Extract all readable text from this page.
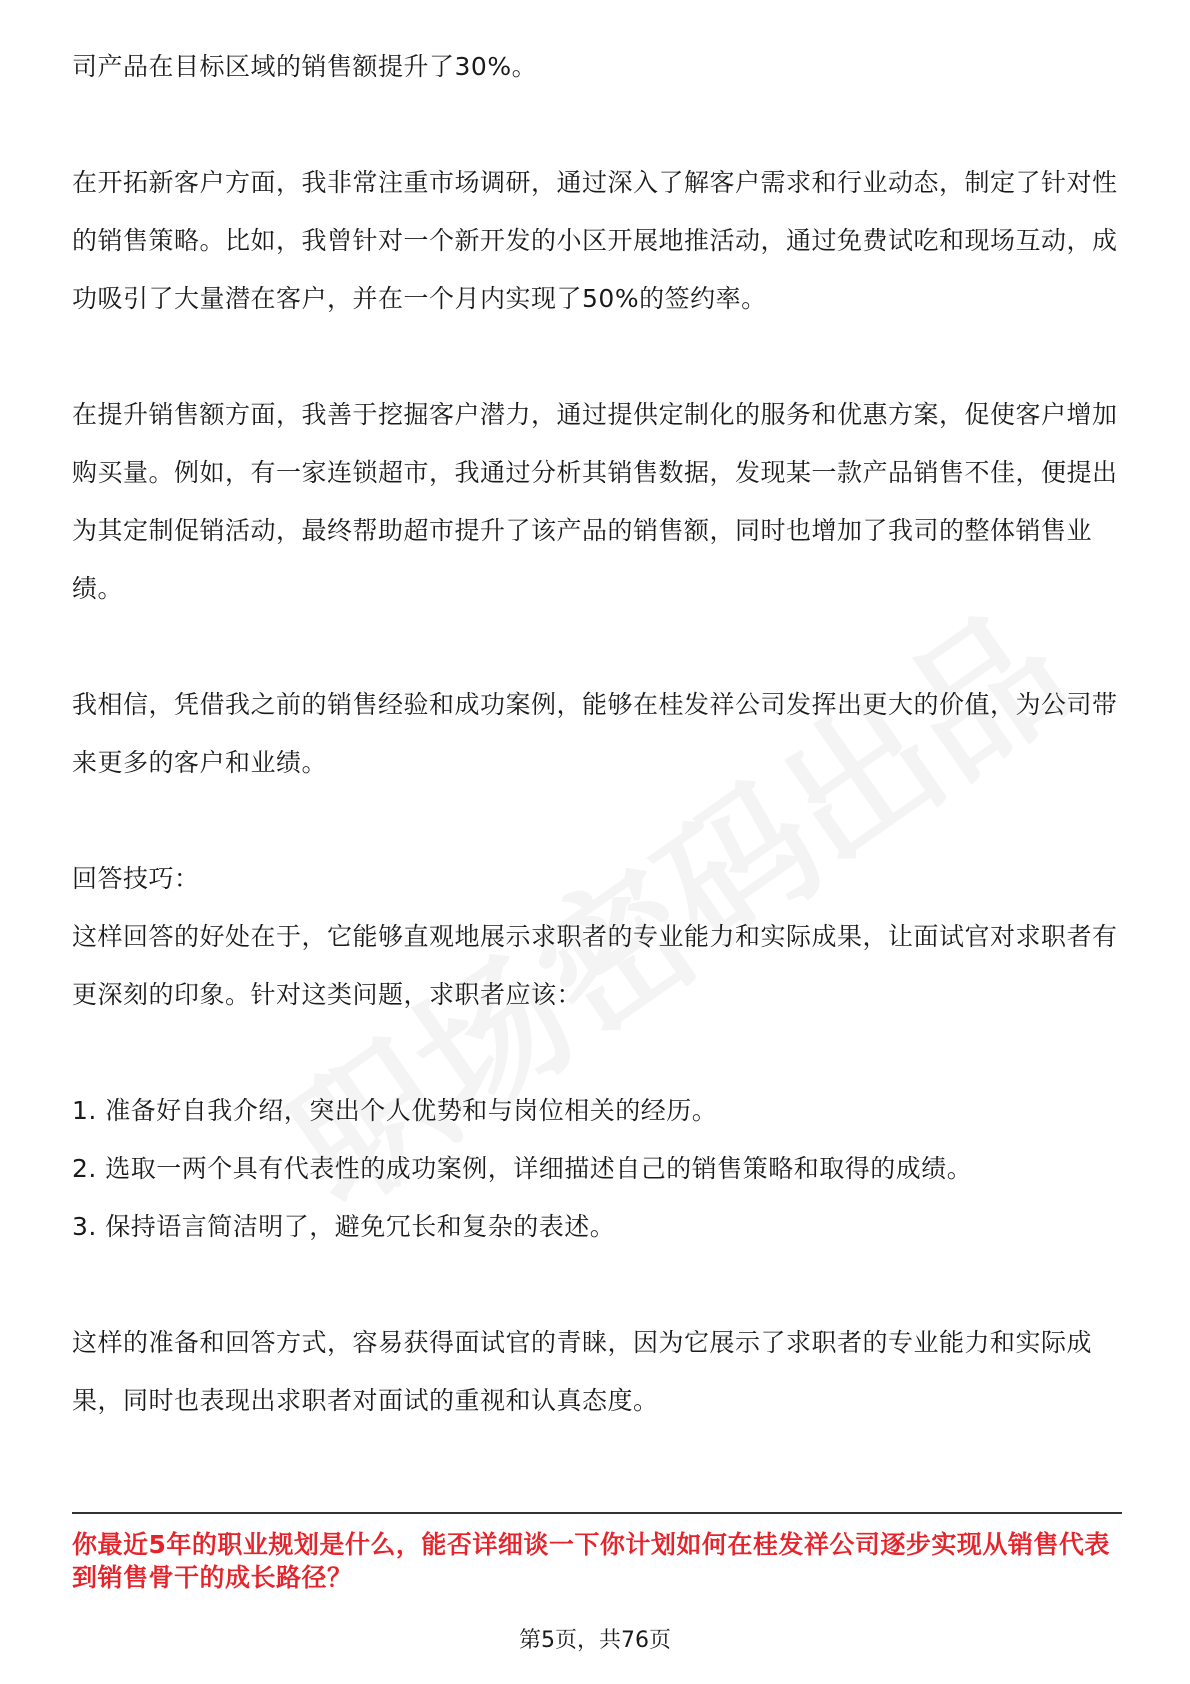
司产品在目标区域的销售额提升了30%。

在开拓新客户方面，我非常注重市场调研，通过深入了解客户需求和行业动态，制定了针对性的销售策略。比如，我曾针对一个新开发的小区开展地推活动，通过免费试吃和现场互动，成功吸引了大量潜在客户，并在一个月内实现了50%的签约率。

在提升销售额方面，我善于挖掘客户潜力，通过提供定制化的服务和优惠方案，促使客户增加购买量。例如，有一家连锁超市，我通过分析其销售数据，发现某一款产品销售不佳，便提出为其定制促销活动，最终帮助超市提升了该产品的销售额，同时也增加了我司的整体销售业绩。

我相信，凭借我之前的销售经验和成功案例，能够在桂发祥公司发挥出更大的价值，为公司带来更多的客户和业绩。

回答技巧：

这样回答的好处在于，它能够直观地展示求职者的专业能力和实际成果，让面试官对求职者有更深刻的印象。针对这类问题，求职者应该：

1. 准备好自我介绍，突出个人优势和与岗位相关的经历。

2. 选取一两个具有代表性的成功案例，详细描述自己的销售策略和取得的成绩。

3. 保持语言简洁明了，避免冗长和复杂的表述。

这样的准备和回答方式，容易获得面试官的青睐，因为它展示了求职者的专业能力和实际成果，同时也表现出求职者对面试的重视和认真态度。

你最近5年的职业规划是什么，能否详细谈一下你计划如何在桂发祥公司逐步实现从销售代表到销售骨干的成长路径？
第5页，共76页
